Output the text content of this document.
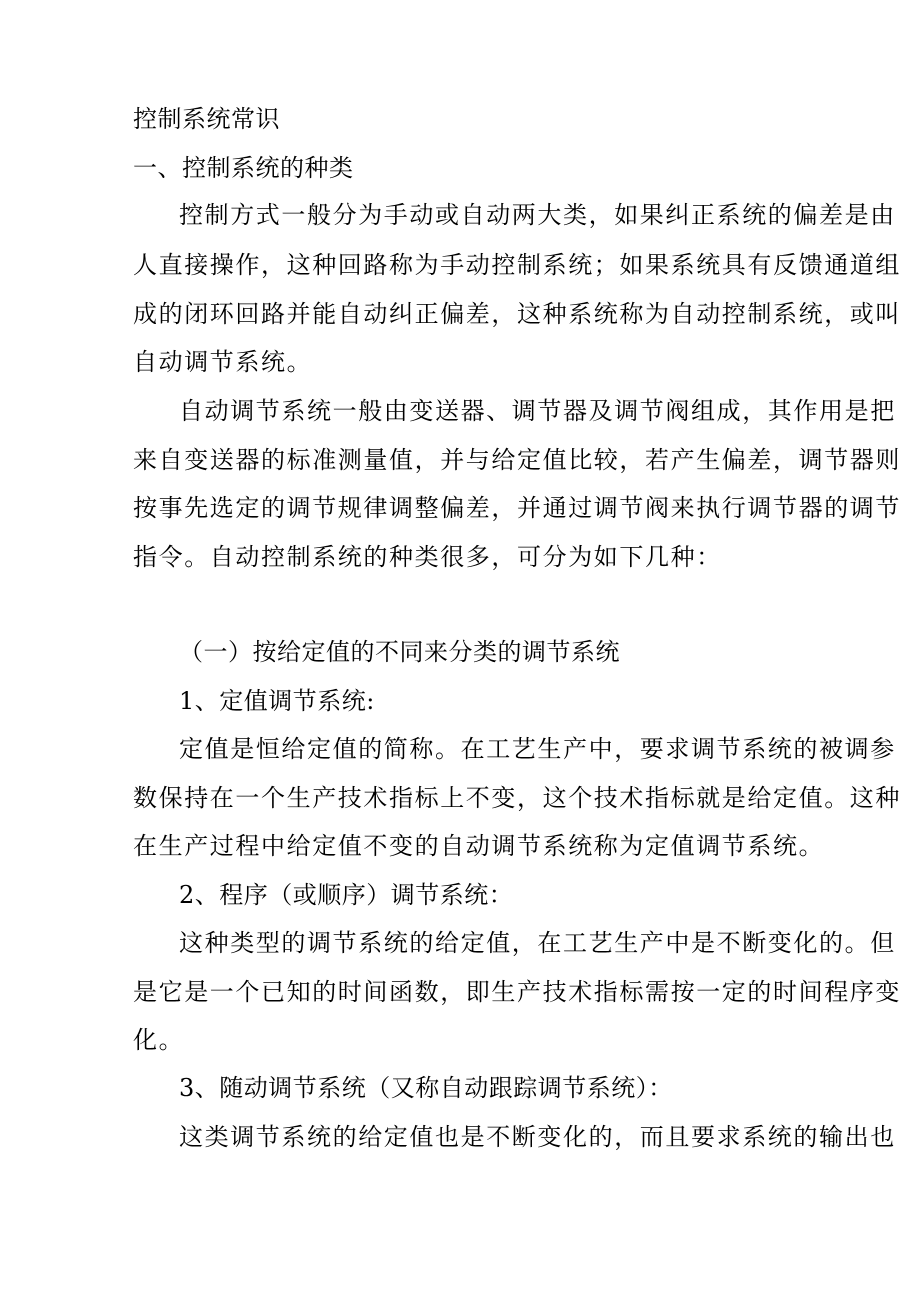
控制系统常识
一、控制系统的种类
控制方式一般分为手动或自动两大类，如果纠正系统的偏差是由
人直接操作，这种回路称为手动控制系统；如果系统具有反馈通道组
成的闭环回路并能自动纠正偏差，这种系统称为自动控制系统，或叫
自动调节系统。
自动调节系统一般由变送器、调节器及调节阀组成，其作用是把
来自变送器的标准测量值，并与给定值比较，若产生偏差，调节器则
按事先选定的调节规律调整偏差，并通过调节阀来执行调节器的调节
指令。自动控制系统的种类很多，可分为如下几种：
（一）按给定值的不同来分类的调节系统
1、定值调节系统:
定值是恒给定值的简称。在工艺生产中，要求调节系统的被调参
数保持在一个生产技术指标上不变，这个技术指标就是给定值。这种
在生产过程中给定值不变的自动调节系统称为定值调节系统。
2、程序（或顺序）调节系统：
这种类型的调节系统的给定值，在工艺生产中是不断变化的。但
是它是一个已知的时间函数，即生产技术指标需按一定的时间程序变
化。
3、随动调节系统（又称自动跟踪调节系统）：
这类调节系统的给定值也是不断变化的，而且要求系统的输出也
